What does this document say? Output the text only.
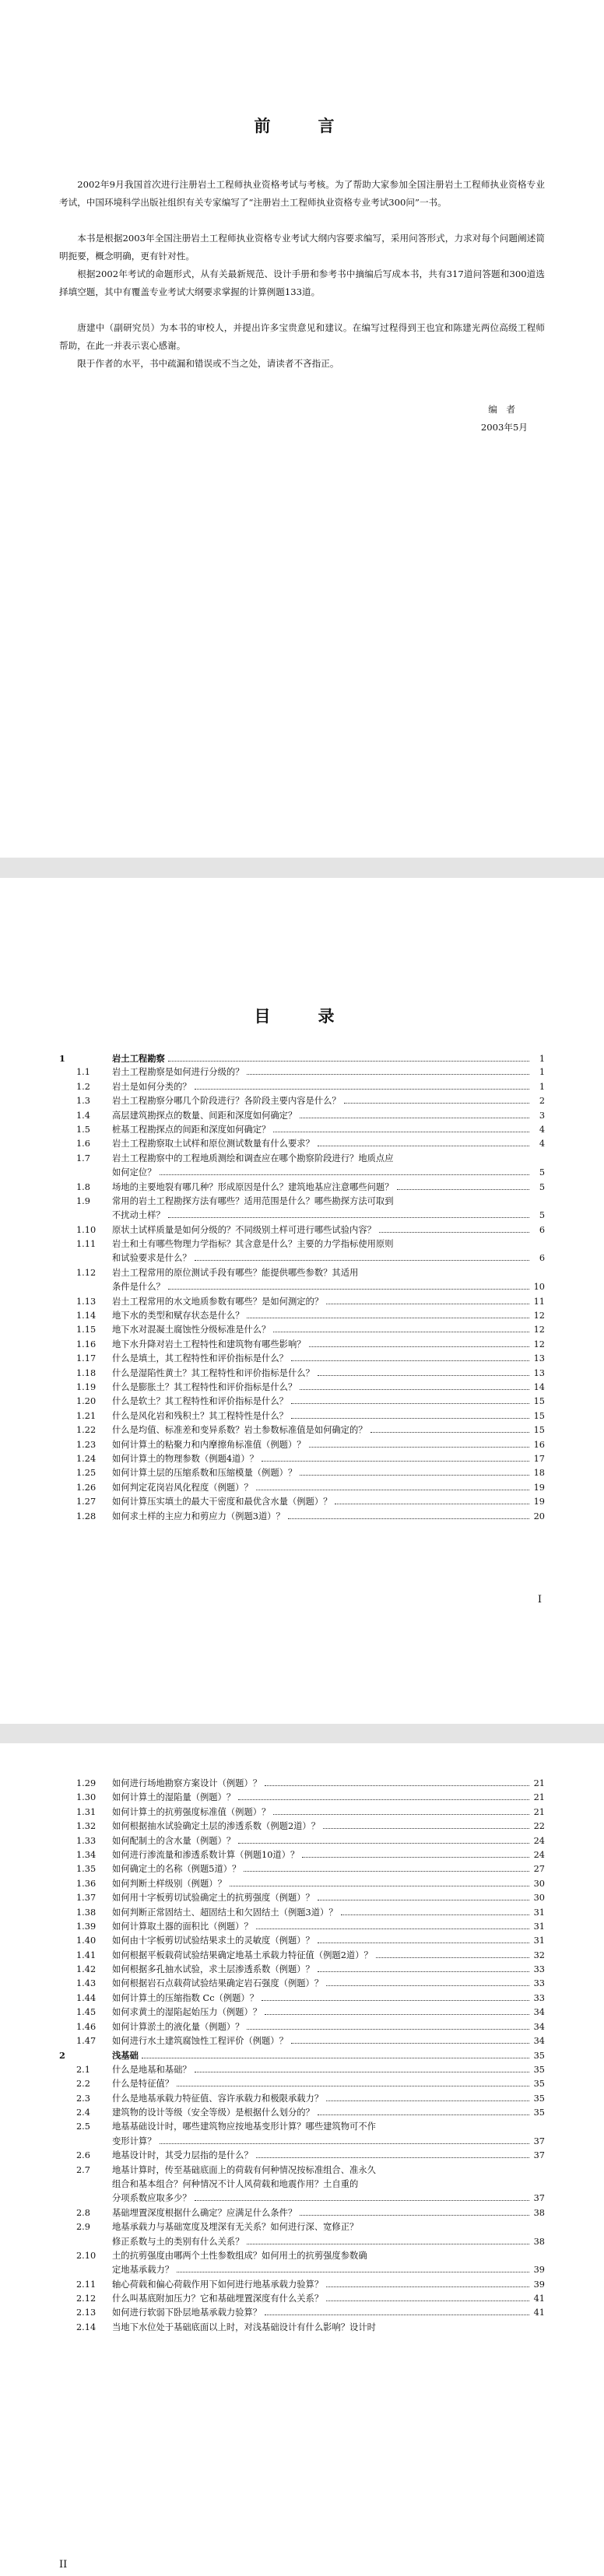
前　言

2002年9月我国首次进行注册岩土工程师执业资格考试与考核。为了帮助大家参加全国注册岩土工程师执业资格专业考试，中国环境科学出版社组织有关专家编写了“注册岩土工程师执业资格专业考试300问”一书。

本书是根据2003年全国注册岩土工程师执业资格专业考试大纲内容要求编写，采用问答形式，力求对每个问题阐述简明扼要，概念明确，更有针对性。

根据2002年考试的命题形式，从有关最新规范、设计手册和参考书中摘编后写成本书，共有317道问答题和300道选择填空题，其中有覆盖专业考试大纲要求掌握的计算例题133道。

唐建中（副研究员）为本书的审校人，并提出许多宝贵意见和建议。在编写过程得到王也宜和陈建光两位高级工程师帮助，在此一并表示衷心感谢。

限于作者的水平，书中疏漏和错误或不当之处，请读者不吝指正。

编　者
2003年5月
目　录
1	岩土工程勘察	1
1.1	岩土工程勘察是如何进行分级的？	1
1.2	岩土是如何分类的？	1
1.3	岩土工程勘察分哪几个阶段进行？各阶段主要内容是什么？	2
1.4	高层建筑勘探点的数量、间距和深度如何确定？	3
1.5	桩基工程勘探点的间距和深度如何确定？	4
1.6	岩土工程勘察取土试样和原位测试数量有什么要求？	4
1.7	岩土工程勘察中的工程地质测绘和调查应在哪个勘察阶段进行？地质点应
如何定位？	5
1.8	场地的主要地裂有哪几种？形成原因是什么？建筑地基应注意哪些问题？	5
1.9	常用的岩土工程勘探方法有哪些？适用范围是什么？哪些勘探方法可取到
不扰动土样？	5
1.10	原状土试样质量是如何分级的？不同级别土样可进行哪些试验内容？	6
1.11	岩土和土有哪些物理力学指标？其含意是什么？主要的力学指标使用原则
和试验要求是什么？	6
1.12	岩土工程常用的原位测试手段有哪些？能提供哪些参数？其适用
条件是什么？	10
1.13	岩土工程常用的水文地质参数有哪些？是如何测定的？	11
1.14	地下水的类型和赋存状态是什么？	12
1.15	地下水对混凝土腐蚀性分级标准是什么？	12
1.16	地下水升降对岩土工程特性和建筑物有哪些影响？	12
1.17	什么是填土，其工程特性和评价指标是什么？	13
1.18	什么是湿陷性黄土？其工程特性和评价指标是什么？	13
1.19	什么是膨胀土？其工程特性和评价指标是什么？	14
1.20	什么是软土？其工程特性和评价指标是什么？	15
1.21	什么是风化岩和残积土？其工程特性是什么？	15
1.22	什么是均值、标准差和变异系数？岩土参数标准值是如何确定的？	15
1.23	如何计算土的粘聚力和内摩擦角标准值（例题）？	16
1.24	如何计算土的物理参数（例题4道）？	17
1.25	如何计算土层的压缩系数和压缩模量（例题）？	18
1.26	如何判定花岗岩风化程度（例题）？	19
1.27	如何计算压实填土的最大干密度和最优含水量（例题）？	19
1.28	如何求土样的主应力和剪应力（例题3道）？	20
I
1.29	如何进行场地勘察方案设计（例题）？	21
1.30	如何计算土的湿陷量（例题）？	21
1.31	如何计算土的抗剪强度标准值（例题）？	21
1.32	如何根据抽水试验确定土层的渗透系数（例题2道）？	22
1.33	如何配制土的含水量（例题）？	24
1.34	如何进行渗流量和渗透系数计算（例题10道）？	24
1.35	如何确定土的名称（例题5道）？	27
1.36	如何判断土样级别（例题）？	30
1.37	如何用十字板剪切试验确定土的抗剪强度（例题）？	30
1.38	如何判断正常固结土、超固结土和欠固结土（例题3道）？	31
1.39	如何计算取土器的面积比（例题）？	31
1.40	如何由十字板剪切试验结果求土的灵敏度（例题）？	31
1.41	如何根据平板载荷试验结果确定地基土承载力特征值（例题2道）？	32
1.42	如何根据多孔抽水试验，求土层渗透系数（例题）？	33
1.43	如何根据岩石点载荷试验结果确定岩石强度（例题）？	33
1.44	如何计算土的压缩指数 Cc（例题）？	33
1.45	如何求黄土的湿陷起始压力（例题）？	34
1.46	如何计算淤土的液化量（例题）？	34
1.47	如何进行水土建筑腐蚀性工程评价（例题）？	34
2	浅基础	35
2.1	什么是地基和基础？	35
2.2	什么是特征值？	35
2.3	什么是地基承载力特征值、容许承载力和极限承载力？	35
2.4	建筑物的设计等级（安全等级）是根据什么划分的？	35
2.5	地基基础设计时，哪些建筑物应按地基变形计算？哪些建筑物可不作
变形计算？	37
2.6	地基设计时，其受力层指的是什么？	37
2.7	地基计算时，传至基础底面上的荷载有何种情况按标准组合、准永久
组合和基本组合？何种情况不计人风荷载和地震作用？土自重的
分项系数应取多少？	37
2.8	基础埋置深度根据什么确定？应满足什么条件？	38
2.9	地基承载力与基础宽度及埋深有无关系？如何进行深、宽修正？
修正系数与土的类别有什么关系？	38
2.10	土的抗剪强度由哪两个土性参数组成？如何用土的抗剪强度参数确
定地基承载力？	39
2.11	轴心荷载和偏心荷载作用下如何进行地基承载力验算？	39
2.12	什么叫基底附加压力？它和基础埋置深度有什么关系？	41
2.13	如何进行软弱下卧层地基承载力验算？	41
2.14	当地下水位处于基础底面以上时，对浅基础设计有什么影响？设计时
II
